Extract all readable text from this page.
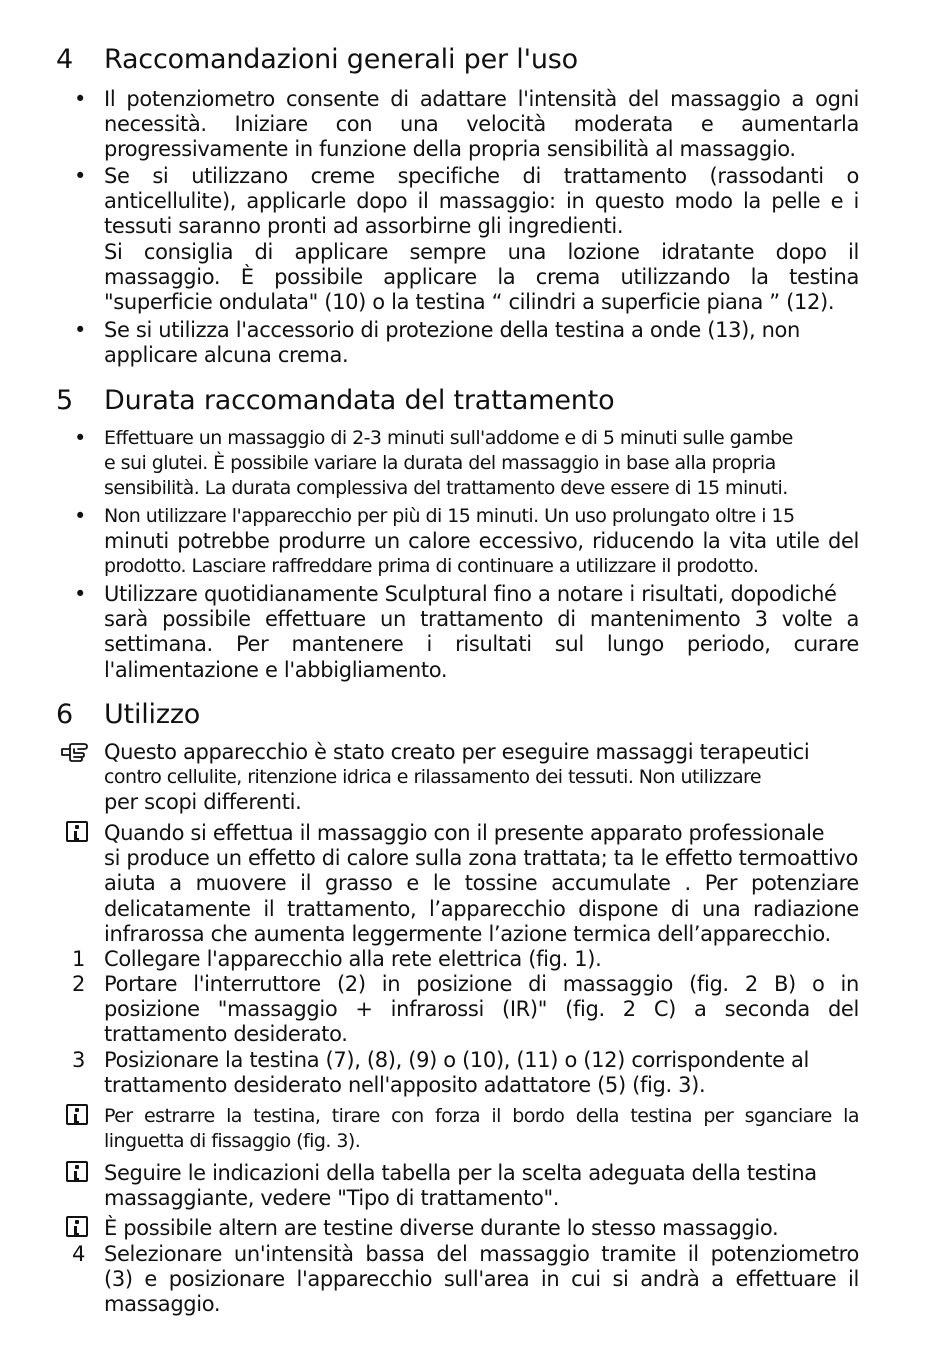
4 Raccomandazioni generali per l'uso
• Il potenziometro consente di adattare l'intensità del massaggio a ogni
necessità. Iniziare con una velocità moderata e aumentarla
progressivamente in funzione della propria sensibilità al massaggio.
• Se si utilizzano creme specifiche di trattamento (rassodanti o
anticellulite), applicarle dopo il massaggio: in questo modo la pelle e i
tessuti saranno pronti ad assorbirne gli ingredienti.
Si consiglia di applicare sempre una lozione idratante dopo il
massaggio. È possibile applicare la crema utilizzando la testina
"superficie ondulata" (10) o la testina “ cilindri a superficie piana ” (12).
• Se si utilizza l'accessorio di protezione della testina a onde (13), non
applicare alcuna crema.
5 Durata raccomandata del trattamento
• Effettuare un massaggio di 2-3 minuti sull'addome e di 5 minuti sulle gambe
e sui glutei. È possibile variare la durata del massaggio in base alla propria
sensibilità. La durata complessiva del trattamento deve essere di 15 minuti.
• Non utilizzare l'apparecchio per più di 15 minuti. Un uso prolungato oltre i 15
minuti potrebbe produrre un calore eccessivo, riducendo la vita utile del
prodotto. Lasciare raffreddare prima di continuare a utilizzare il prodotto.
• Utilizzare quotidianamente Sculptural fino a notare i risultati, dopodiché
sarà possibile effettuare un trattamento di mantenimento 3 volte a
settimana. Per mantenere i risultati sul lungo periodo, curare
l'alimentazione e l'abbigliamento.
6 Utilizzo
Questo apparecchio è stato creato per eseguire massaggi terapeutici
contro cellulite, ritenzione idrica e rilassamento dei tessuti. Non utilizzare
per scopi differenti.
Quando si effettua il massaggio con il presente apparato professionale
si produce un effetto di calore sulla zona trattata; ta le effetto termoattivo
aiuta a muovere il grasso e le tossine accumulate . Per potenziare
delicatamente il trattamento, l’apparecchio dispone di una radiazione
infrarossa che aumenta leggermente l’azione termica dell’apparecchio.
1 Collegare l'apparecchio alla rete elettrica (fig. 1).
2 Portare l'interruttore (2) in posizione di massaggio (fig. 2 B) o in
posizione "massaggio + infrarossi (IR)" (fig. 2 C) a seconda del
trattamento desiderato.
3 Posizionare la testina (7), (8), (9) o (10), (11) o (12) corrispondente al
trattamento desiderato nell'apposito adattatore (5) (fig. 3).
Per estrarre la testina, tirare con forza il bordo della testina per sganciare la
linguetta di fissaggio (fig. 3).
Seguire le indicazioni della tabella per la scelta adeguata della testina
massaggiante, vedere "Tipo di trattamento".
È possibile altern are testine diverse durante lo stesso massaggio.
4 Selezionare un'intensità bassa del massaggio tramite il potenziometro
(3) e posizionare l'apparecchio sull'area in cui si andrà a effettuare il
massaggio.
